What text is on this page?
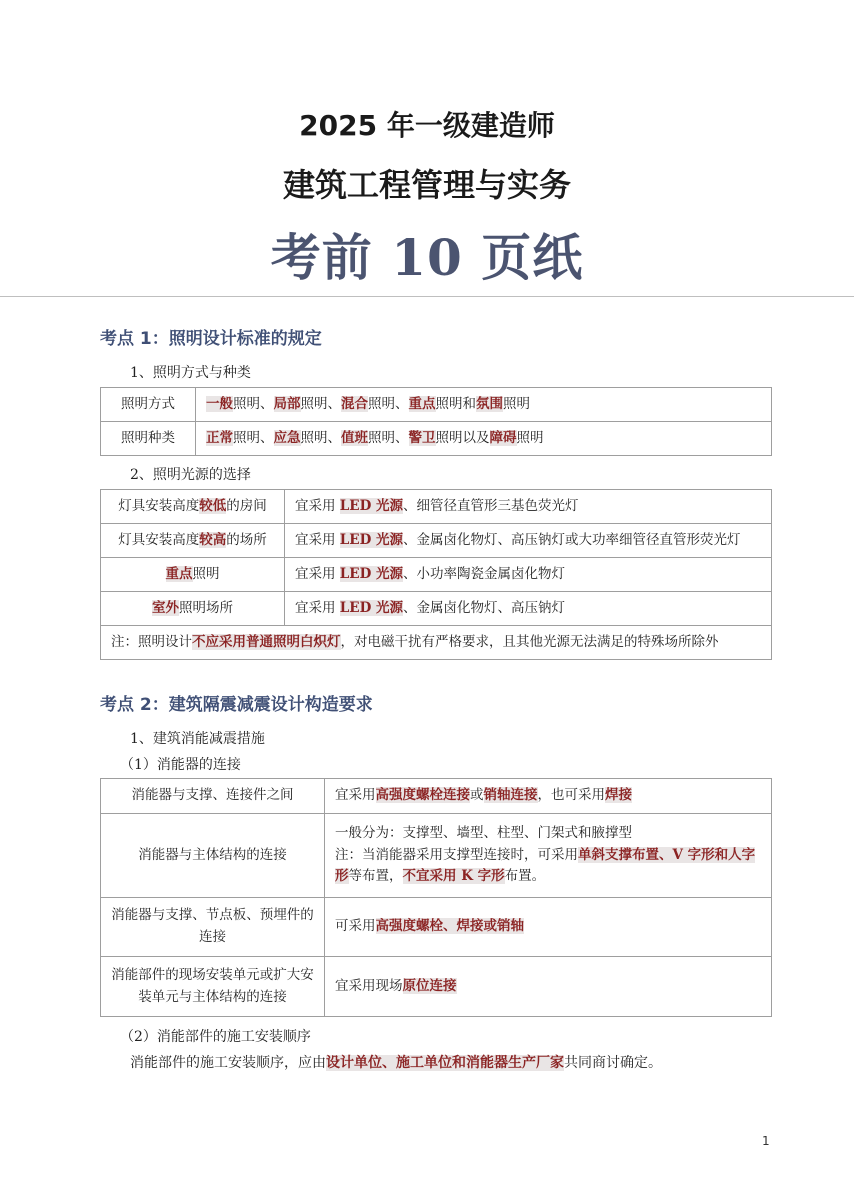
2025 年一级建造师
建筑工程管理与实务
考前 10 页纸
考点 1：照明设计标准的规定
1、照明方式与种类
照明方式	一般照明、局部照明、混合照明、重点照明和氛围照明
照明种类	正常照明、应急照明、值班照明、警卫照明以及障碍照明
2、照明光源的选择
灯具安装高度较低的房间	宜采用 LED 光源、细管径直管形三基色荧光灯
灯具安装高度较高的场所	宜采用 LED 光源、金属卤化物灯、高压钠灯或大功率细管径直管形荧光灯
重点照明	宜采用 LED 光源、小功率陶瓷金属卤化物灯
室外照明场所	宜采用 LED 光源、金属卤化物灯、高压钠灯
注：照明设计不应采用普通照明白炽灯，对电磁干扰有严格要求，且其他光源无法满足的特殊场所除外	
考点 2：建筑隔震减震设计构造要求
1、建筑消能减震措施
（1）消能器的连接
消能器与支撑、连接件之间	宜采用高强度螺栓连接或销轴连接，也可采用焊接
消能器与主体结构的连接	一般分为：支撑型、墙型、柱型、门架式和腋撑型
注：当消能器采用支撑型连接时，可采用单斜支撑布置、V 字形和人字形等布置，不宜采用 K 字形布置。

消能器与支撑、节点板、预埋件的连接	可采用高强度螺栓、焊接或销轴
消能部件的现场安装单元或扩大安装单元与主体结构的连接	宜采用现场原位连接
（2）消能部件的施工安装顺序
消能部件的施工安装顺序，应由设计单位、施工单位和消能器生产厂家共同商讨确定。
1
